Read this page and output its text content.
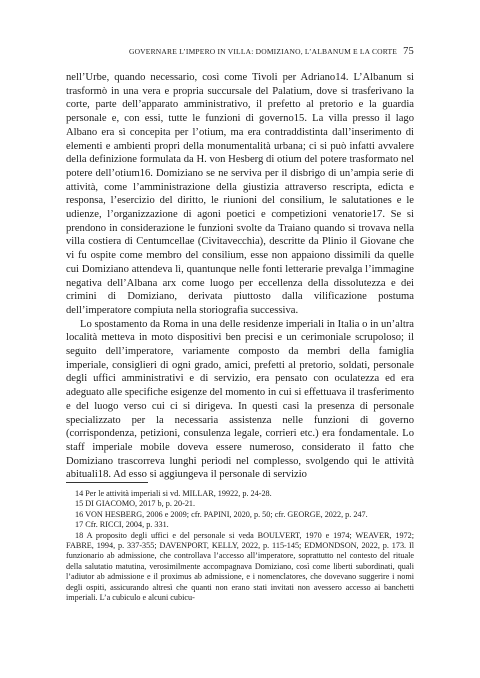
GOVERNARE L’IMPERO IN VILLA: DOMIZIANO, L’ALBANUM E LA CORTE 75

nell’Urbe, quando necessario, così come Tivoli per Adriano14. L’Albanum si trasformò in una vera e propria succursale del Palatium, dove si trasferivano la corte, parte dell’apparato amministrativo, il prefetto al pretorio e la guardia personale e, con essi, tutte le funzioni di governo15. La villa presso il lago Albano era sì concepita per l’otium, ma era contraddistinta dall’inserimento di elementi e ambienti propri della monumentalità urbana; ci si può infatti avvalere della definizione formulata da H. von Hesberg di otium del potere trasformato nel potere dell’otium16. Domiziano se ne serviva per il disbrigo di un’ampia serie di attività, come l’amministrazione della giustizia attraverso rescripta, edicta e responsa, l’esercizio del diritto, le riunioni del consilium, le salutationes e le udienze, l’organizzazione di agoni poetici e competizioni venatorie17. Se si prendono in considerazione le funzioni svolte da Traiano quando si trovava nella villa costiera di Centumcellae (Civitavecchia), descritte da Plinio il Giovane che vi fu ospite come membro del consilium, esse non appaiono dissimili da quelle cui Domiziano attendeva lì, quantunque nelle fonti letterarie prevalga l’immagine negativa dell’Albana arx come luogo per eccellenza della dissolutezza e dei crimini di Domiziano, derivata piuttosto dalla vilificazione postuma dell’imperatore compiuta nella storiografia successiva.

Lo spostamento da Roma in una delle residenze imperiali in Italia o in un’altra località metteva in moto dispositivi ben precisi e un cerimoniale scrupoloso; il seguito dell’imperatore, variamente composto da membri della famiglia imperiale, consiglieri di ogni grado, amici, prefetti al pretorio, soldati, personale degli uffici amministrativi e di servizio, era pensato con oculatezza ed era adeguato alle specifiche esigenze del momento in cui si effettuava il trasferimento e del luogo verso cui ci si dirigeva. In questi casi la presenza di personale specializzato per la necessaria assistenza nelle funzioni di governo (corrispondenza, petizioni, consulenza legale, corrieri etc.) era fondamentale. Lo staff imperiale mobile doveva essere numeroso, considerato il fatto che Domiziano trascorreva lunghi periodi nel complesso, svolgendo qui le attività abituali18. Ad esso si aggiungeva il personale di servizio

14 Per le attività imperiali si vd. MILLAR, 19922, p. 24-28.
15 DI GIACOMO, 2017 b, p. 20-21.
16 VON HESBERG, 2006 e 2009; cfr. PAPINI, 2020, p. 50; cfr. GEORGE, 2022, p. 247.
17 Cfr. RICCI, 2004, p. 331.
18 A proposito degli uffici e del personale si veda BOULVERT, 1970 e 1974; WEAVER, 1972; FABRE, 1994, p. 337-355; DAVENPORT, KELLY, 2022, p. 115-145; EDMONDSON, 2022, p. 173. Il funzionario ab admissione, che controllava l’accesso all’imperatore, soprattutto nel contesto del rituale della salutatio matutina, verosimilmente accompagnava Domiziano, così come liberti subordinati, quali l’adiutor ab admissione e il proximus ab admissione, e i nomenclatores, che dovevano suggerire i nomi degli ospiti, assicurando altresì che quanti non erano stati invitati non avessero accesso ai banchetti imperiali. L’a cubiculo e alcuni cubicu-
